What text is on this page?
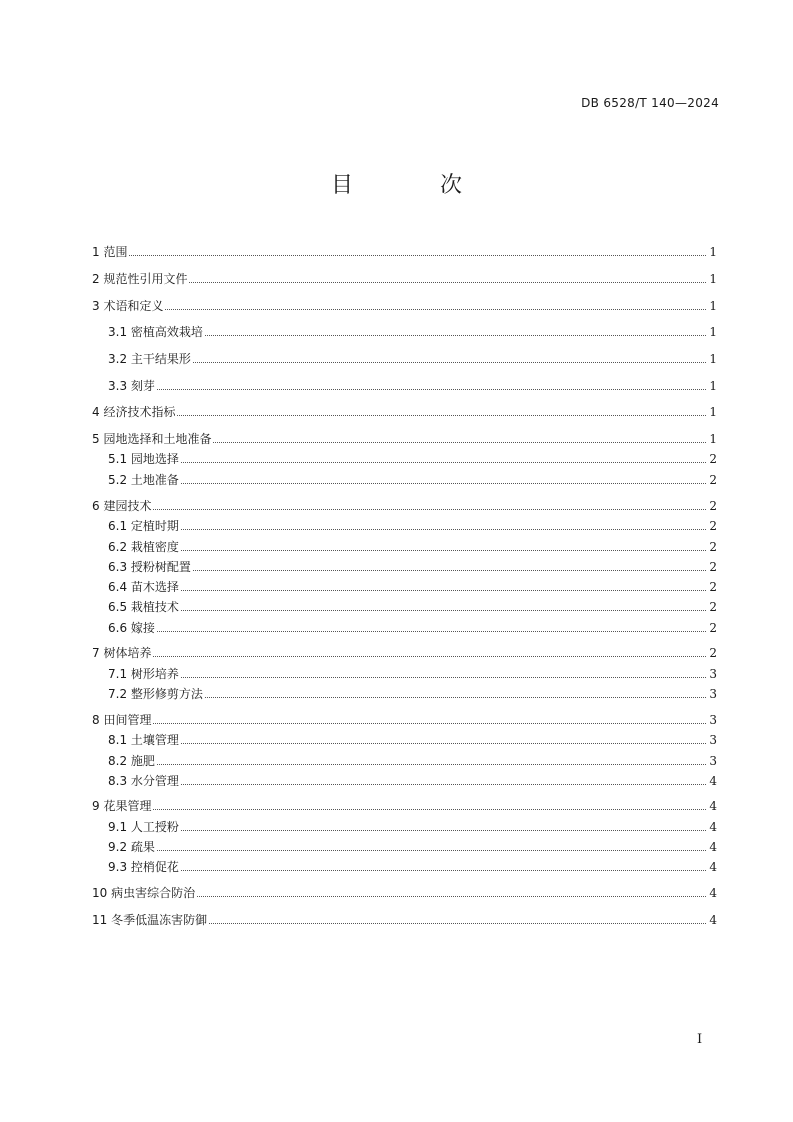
DB 6528/T 140—2024
目 次
1 范围	1
2 规范性引用文件	1
3 术语和定义	1
3.1 密植高效栽培	1
3.2 主干结果形	1
3.3 刻芽	1
4 经济技术指标	1
5 园地选择和土地准备	1
5.1 园地选择	2
5.2 土地准备	2
6 建园技术	2
6.1 定植时期	2
6.2 栽植密度	2
6.3 授粉树配置	2
6.4 苗木选择	2
6.5 栽植技术	2
6.6 嫁接	2
7 树体培养	2
7.1 树形培养	3
7.2 整形修剪方法	3
8 田间管理	3
8.1 土壤管理	3
8.2 施肥	3
8.3 水分管理	4
9 花果管理	4
9.1 人工授粉	4
9.2 疏果	4
9.3 控梢促花	4
10 病虫害综合防治	4
11 冬季低温冻害防御	4
I
